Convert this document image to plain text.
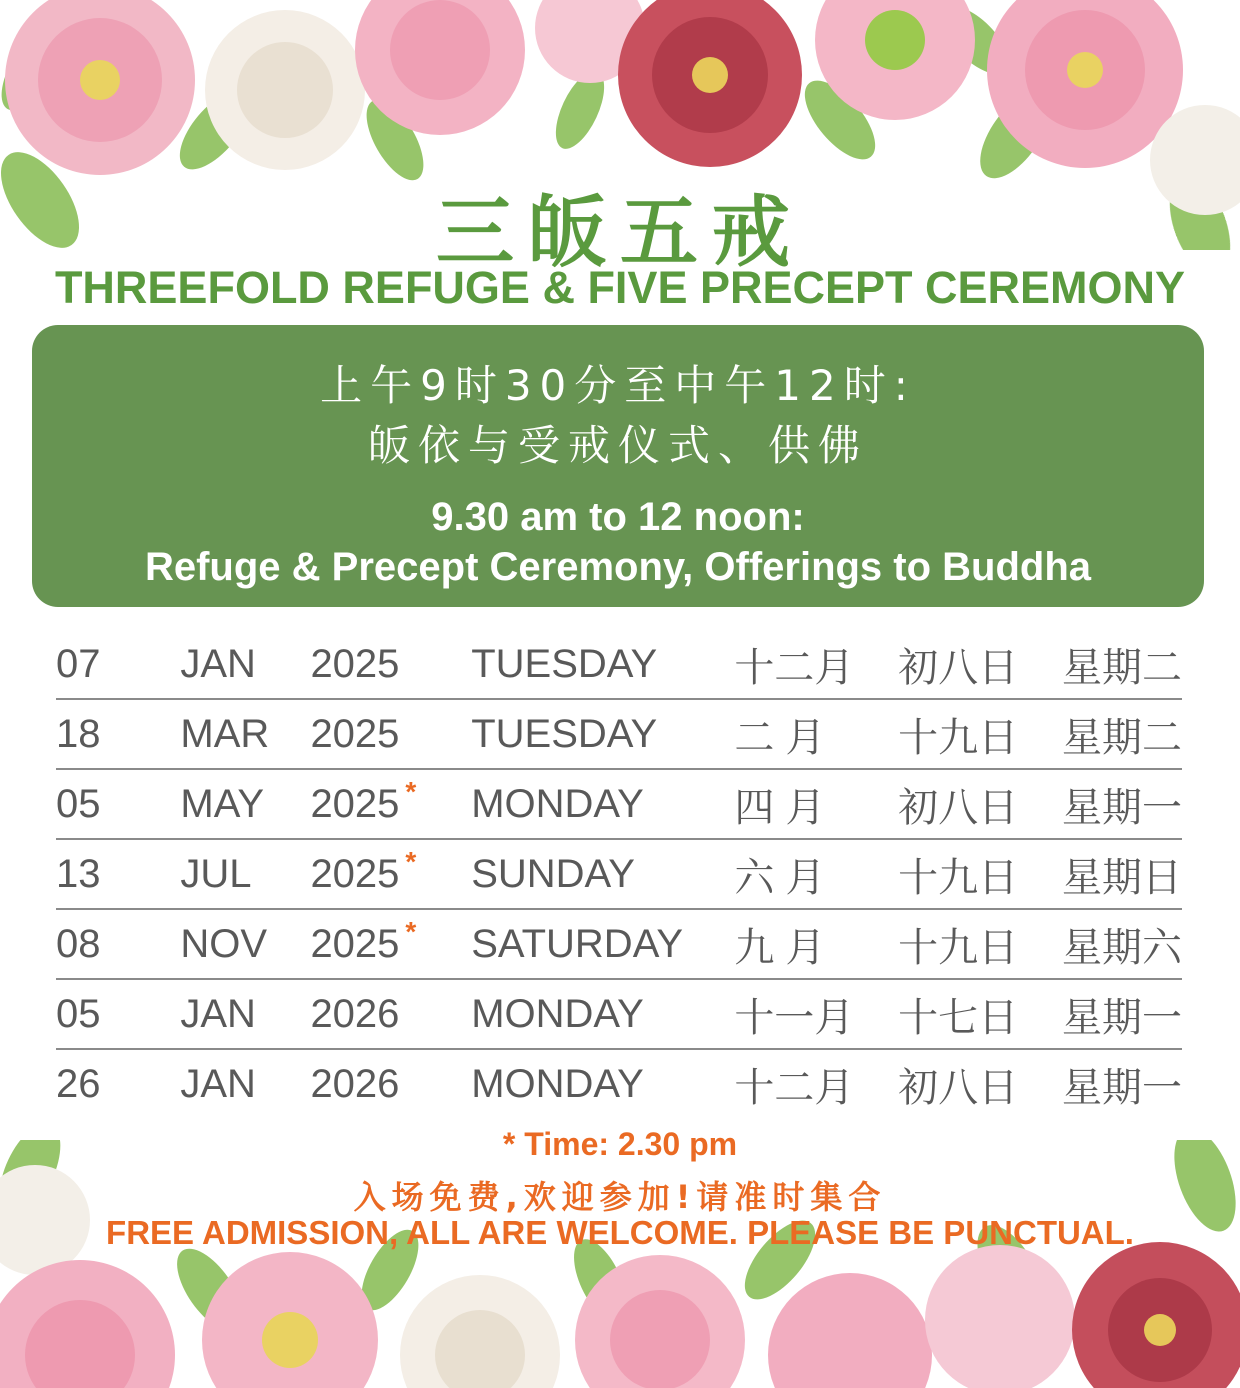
三皈五戒
THREEFOLD REFUGE & FIVE PRECEPT CEREMONY
上午9时30分至中午12时:
皈依与受戒仪式、供佛
9.30 am to 12 noon:
Refuge & Precept Ceremony, Offerings to Buddha
07	JAN	2025	TUESDAY	十二月	初八日	星期二
18	MAR	2025	TUESDAY	二 月	十九日	星期二
05	MAY	2025 *	MONDAY	四 月	初八日	星期一
13	JUL	2025 *	SUNDAY	六 月	十九日	星期日
08	NOV	2025 *	SATURDAY	九 月	十九日	星期六
05	JAN	2026	MONDAY	十一月	十七日	星期一
26	JAN	2026	MONDAY	十二月	初八日	星期一
* Time: 2.30 pm
入场免费,欢迎参加!请准时集合
FREE ADMISSION, ALL ARE WELCOME. PLEASE BE PUNCTUAL.
